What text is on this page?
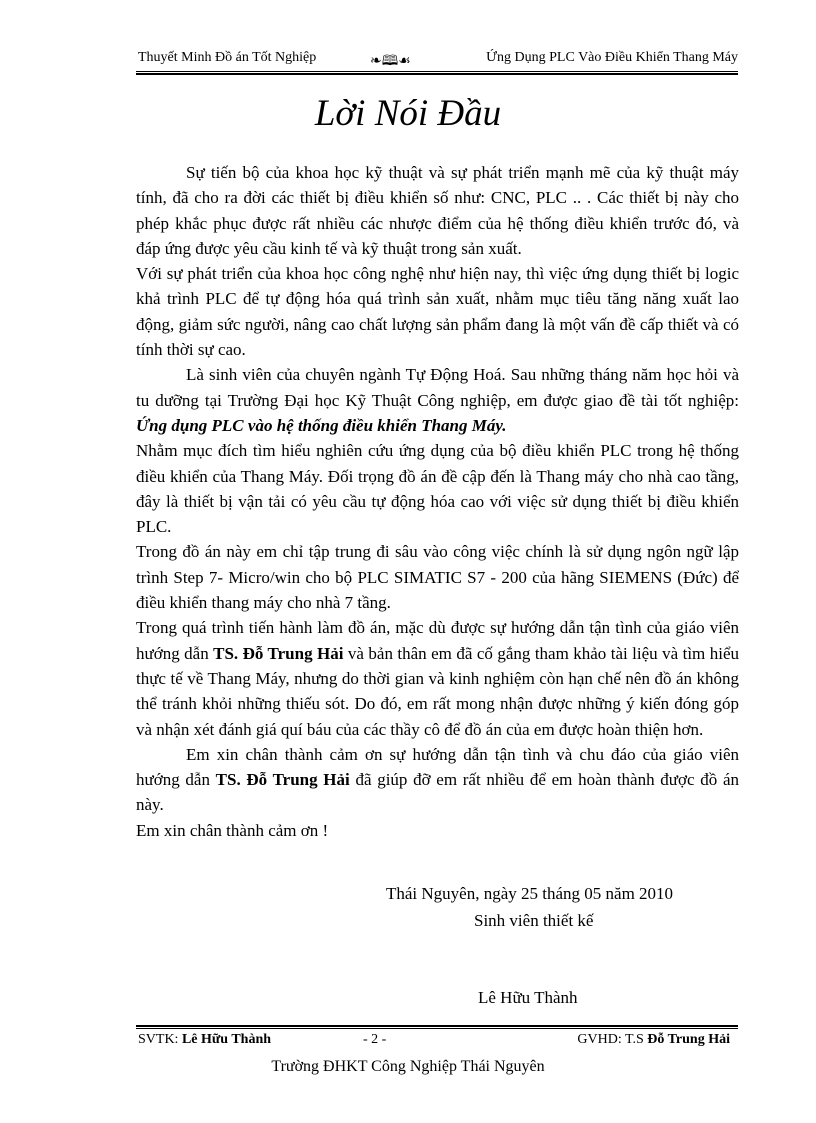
Thuyết Minh Đồ án Tốt Nghiệp	❧🕮☙	Ứng Dụng PLC Vào Điều Khiển Thang Máy
Lời Nói Đầu

Sự tiến bộ của khoa học kỹ thuật và sự phát triển mạnh mẽ của kỹ thuật máy tính, đã cho ra đời các thiết bị điều khiển số như: CNC, PLC .. . Các thiết bị này cho phép khắc phục được rất nhiều các nhược điểm của hệ thống điều khiển trước đó, và đáp ứng được yêu cầu kinh tế và kỹ thuật trong sản xuất.

Với sự phát triển của khoa học công nghệ như hiện nay, thì việc ứng dụng thiết bị logic khả trình PLC để tự động hóa quá trình sản xuất, nhằm mục tiêu tăng năng xuất lao động, giảm sức người, nâng cao chất lượng sản phẩm đang là một vấn đề cấp thiết và có tính thời sự cao.

Là sinh viên của chuyên ngành Tự Động Hoá. Sau những tháng năm học hỏi và tu dưỡng tại Trường Đại học Kỹ Thuật Công nghiệp, em được giao đề tài tốt nghiệp: Ứng dụng PLC vào hệ thống điều khiển Thang Máy.

Nhằm mục đích tìm hiểu nghiên cứu ứng dụng của bộ điều khiển PLC trong hệ thống điều khiển của Thang Máy. Đối trọng đồ án đề cập đến là Thang máy cho nhà cao tầng, đây là thiết bị vận tải có yêu cầu tự động hóa cao với việc sử dụng thiết bị điều khiển PLC.

Trong đồ án này em chỉ tập trung đi sâu vào công việc chính là sử dụng ngôn ngữ lập trình Step 7- Micro/win cho bộ PLC SIMATIC S7 - 200 của hãng SIEMENS (Đức) để điều khiển thang máy cho nhà 7 tầng.

Trong quá trình tiến hành làm đồ án, mặc dù được sự hướng dẫn tận tình của giáo viên hướng dẫn TS. Đỗ Trung Hải và bản thân em đã cố gắng tham khảo tài liệu và tìm hiểu thực tế về Thang Máy, nhưng do thời gian và kinh nghiệm còn hạn chế nên đồ án không thể tránh khỏi những thiếu sót. Do đó, em rất mong nhận được những ý kiến đóng góp và nhận xét đánh giá quí báu của các thầy cô để đồ án của em được hoàn thiện hơn.

Em xin chân thành cảm ơn sự hướng dẫn tận tình và chu đáo của giáo viên hướng dẫn TS. Đỗ Trung Hải đã giúp đỡ em rất nhiều để em hoàn thành được đồ án này.

Em xin chân thành cảm ơn !

Thái Nguyên, ngày 25 tháng 05 năm 2010
Sinh viên thiết kế
Lê Hữu Thành
SVTK: Lê Hữu Thành	- 2 -	GVHD: T.S Đỗ Trung Hải
Trường ĐHKT Công Nghiệp Thái Nguyên
